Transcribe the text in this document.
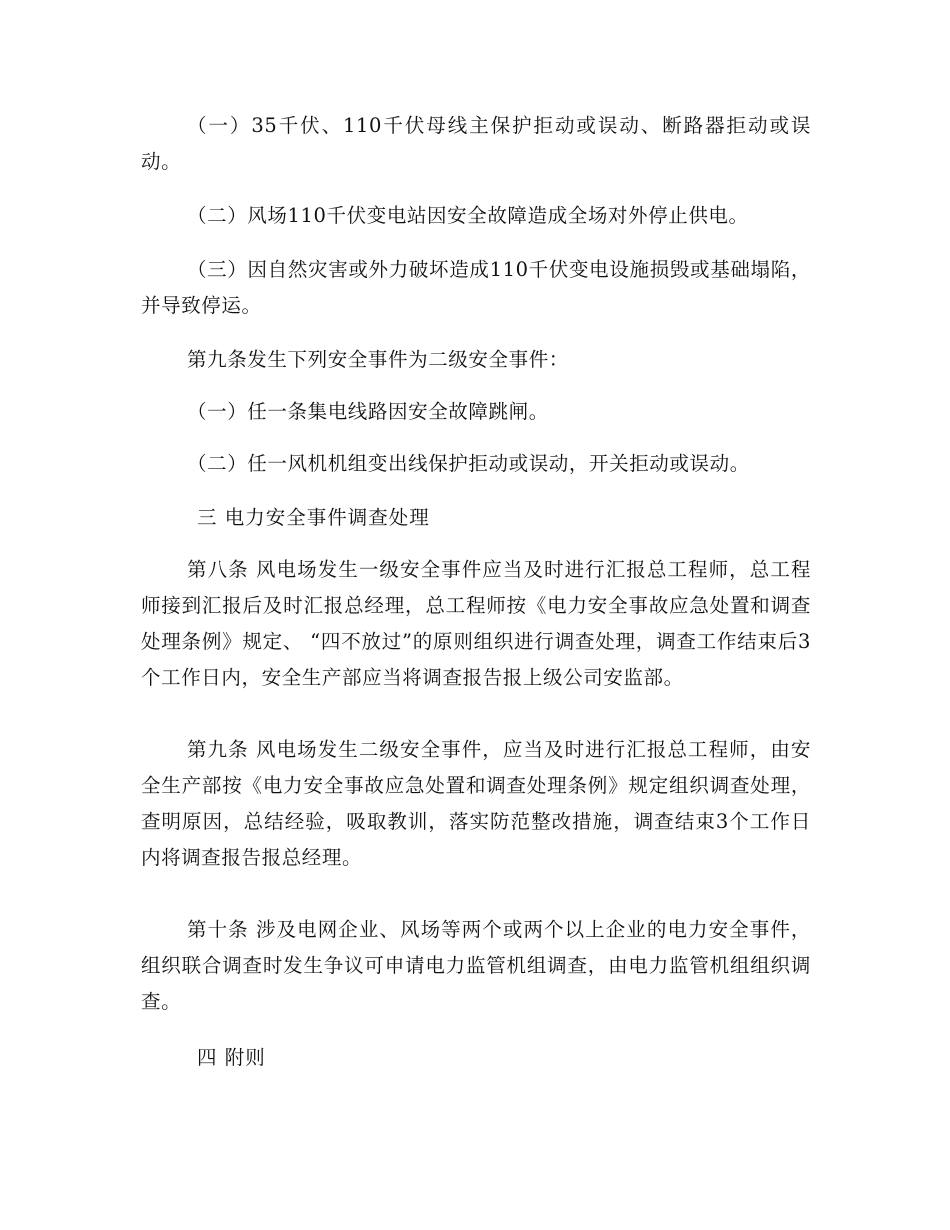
（一）35千伏、110千伏母线主保护拒动或误动、断路器拒动或误动。
（二）风场110千伏变电站因安全故障造成全场对外停止供电。
（三）因自然灾害或外力破坏造成110千伏变电设施损毁或基础塌陷，并导致停运。
第九条发生下列安全事件为二级安全事件：
（一）任一条集电线路因安全故障跳闸。
（二）任一风机机组变出线保护拒动或误动，开关拒动或误动。
三 电力安全事件调查处理
第八条 风电场发生一级安全事件应当及时进行汇报总工程师，总工程师接到汇报后及时汇报总经理，总工程师按《电力安全事故应急处置和调查处理条例》规定、 “四不放过”的原则组织进行调查处理，调查工作结束后3个工作日内，安全生产部应当将调查报告报上级公司安监部。
第九条 风电场发生二级安全事件，应当及时进行汇报总工程师，由安全生产部按《电力安全事故应急处置和调查处理条例》规定组织调查处理，查明原因，总结经验，吸取教训，落实防范整改措施，调查结束3个工作日内将调查报告报总经理。
第十条 涉及电网企业、风场等两个或两个以上企业的电力安全事件，组织联合调查时发生争议可申请电力监管机组调查，由电力监管机组组织调查。
四 附则
